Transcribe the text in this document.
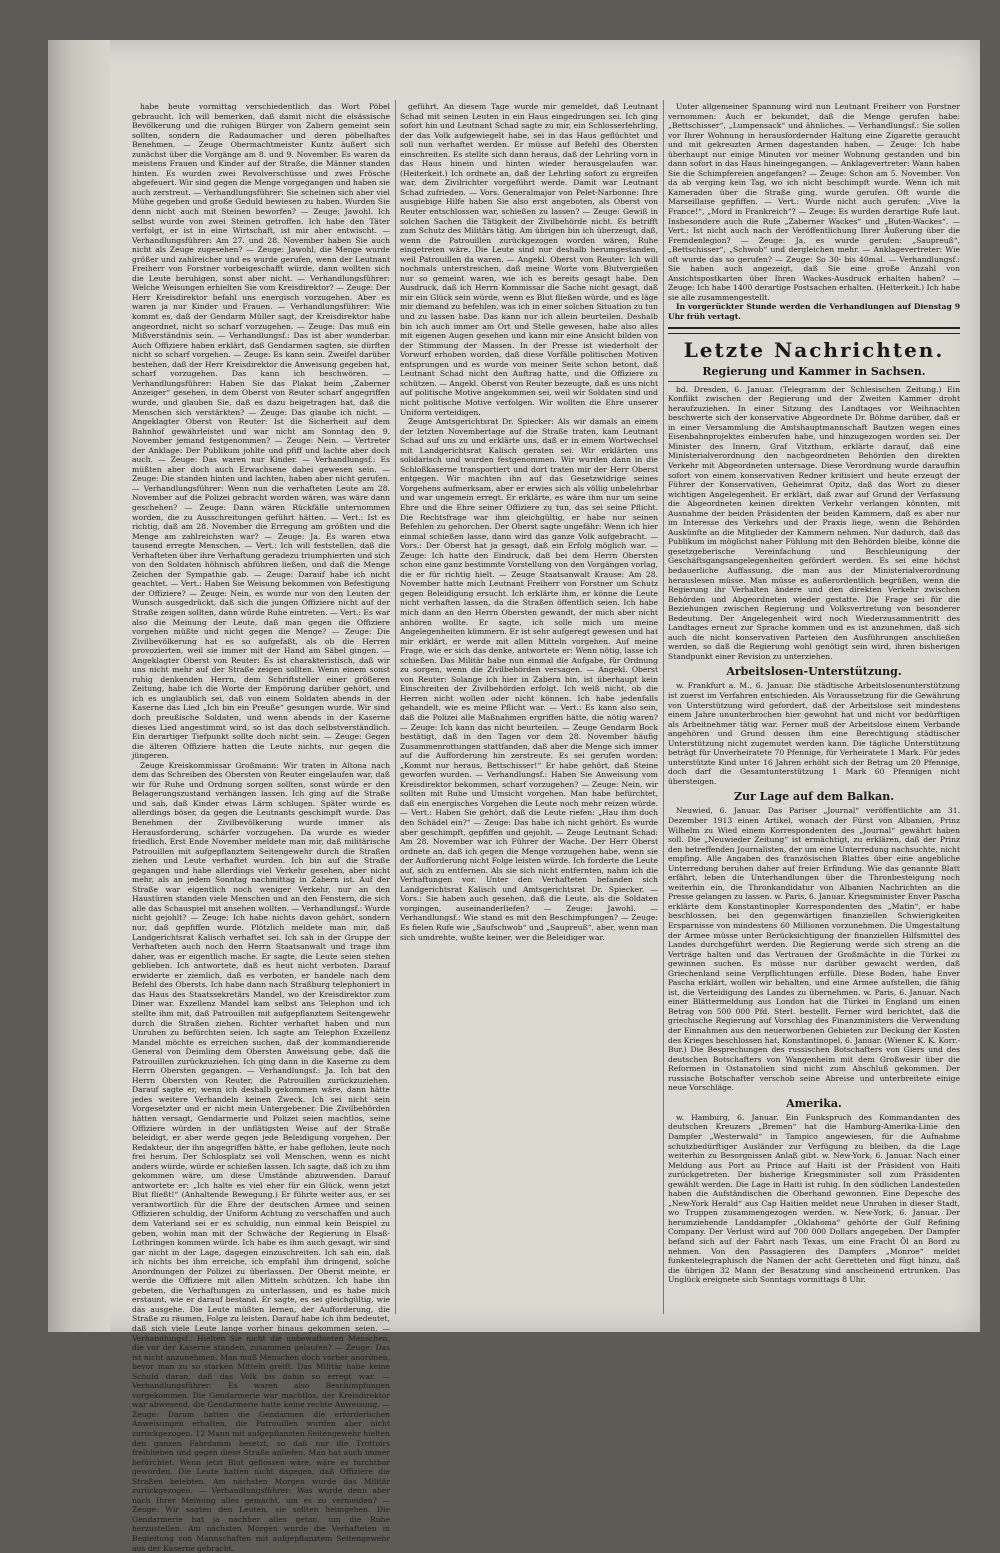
habe heute vormittag verschiedentlich das Wort Pöbel gebraucht. Ich will bemerken, daß damit nicht die elsässische Bevölkerung und die ruhigen Bürger von Zabern gemeint sein sollten, sondern die Radaumacher und deren pöbelhaftes Benehmen. — Zeuge Obermachtmeister Kuntz äußert sich zunächst über die Vorgänge am 8. und 9. November. Es waren da meistens Frauen und Kinder auf der Straße, die Männer standen hinten. Es wurden zwei Revolverschüsse und zwei Frösche abgefeuert. Wir sind gegen die Menge vorgegangen und haben sie auch zerstreut. — Verhandlungsführer: Sie scheinen sich aber viel Mühe gegeben und große Geduld bewiesen zu haben. Wurden Sie denn nicht auch mit Steinen beworfen? — Zeuge: Jawohl. Ich selbst wurde von zwei Steinen getroffen. Ich habe den Täter verfolgt, er ist in eine Wirtschaft, ist mir aber entwischt. — Verhandlungsführer: Am 27. und 28. November haben Sie auch nicht als Zeuge zugesehen? — Zeuge: Jawohl, die Menge wurde größer und zahlreicher und es wurde gerufen, wenn der Leutnant Freiherr von Forstner vorbeigeschafft würde, dann wollten sich die Leute beruhigen, sonst aber nicht. — Verhandlungsführer: Welche Weisungen erhielten Sie vom Kreisdirektor? — Zeuge: Der Herr Kreisdirektor befahl uns energisch vorzugehen. Aber es waren ja nur Kinder und Frauen. — Verhandlungsführer: Wie kommt es, daß der Gendarm Müller sagt, der Kreisdirektor habe angeordnet, nicht so scharf vorzugehen. — Zeuge: Das muß ein Mißverständnis sein. — Verhandlungsf.: Das ist aber wunderbar. Auch Offiziere haben erklärt, daß Gendarmen sagten, sie dürften nicht so scharf vorgehen. — Zeuge: Es kann sein. Zweifel darüber bestehen, daß der Herr Kreisdirektor die Anweisung gegeben hat, scharf vorzugehen. Das kann ich beschwören. — Verhandlungsführer: Haben Sie das Plakat beim „Zaberner Anzeiger“ gesehen, in dem Oberst von Reuter scharf angegriffen wurde, und glauben Sie, daß es dazu beigetragen hat, daß die Menschen sich verstärkten? — Zeuge: Das glaube ich nicht. — Angeklagter Oberst von Reuter: Ist die Sicherheit auf dem Bahnhof gewährleistet und war nicht am Sonntag den 9. November jemand festgenommen? — Zeuge: Nein. — Vertreter der Anklage: Der Publikum johlte und pfiff und lachte aber doch auch. — Zeuge: Das waren nur Kinder. — Verhandlungsf.: Es müßten aber doch auch Erwachsene dabei gewesen sein. — Zeuge: Die standen hinten und lachten, haben aber nicht gerufen. — Verhandlungsführer: Wenn nun die verhafteten Leute am 28. November auf die Polizei gebracht worden wären, was wäre dann geschehen? — Zeuge: Dann wären Rückfälle unternommen worden, die zu Ausschreitungen geführt hätten. — Vert.: Ist es richtig, daß am 28. November die Erregung am größten und die Menge am zahlreichsten war? — Zeuge: Ja. Es waren etwa tausend erregte Menschen. — Vert.: Ich will feststellen, daß die Verhafteten über ihre Verhaftung geradezu triumphierten und sich von den Soldaten höhnisch abführen ließen, und daß die Menge Zeichen der Sympathie gab. — Zeuge: Darauf habe ich nicht geachtet. — Vert.: Haben Sie Weisung bekommen von Befestigung der Offiziere? — Zeuge: Nein, es wurde nur von den Leuten der Wunsch ausgedrückt, daß sich die jungen Offiziere nicht auf der Straße zeigen sollten, dann würde Ruhe eintreten. — Vert.: Es war also die Meinung der Leute, daß man gegen die Offiziere vorgehen müßte und nicht gegen die Menge? — Zeuge: Die Zivilbevölkerung hat es so aufgefaßt, als ob die Herren provozierten, weil sie immer mit der Hand am Säbel gingen. — Angeklagter Oberst von Reuter: Es ist charakteristisch, daß wir uns nicht mehr auf der Straße zeigen sollten. Wenn einem sonst ruhig denkenden Herrn, dem Schriftsteller einer größeren Zeitung, habe ich die Worte der Empörung darüber gehört, und ich es unglaublich sei, daß von einem Soldaten abends in der Kaserne das Lied „Ich bin ein Preuße“ gesungen wurde. Wir sind doch preußische Soldaten, und wenn abends in der Kaserne dieses Lied angestimmt wird, so ist das doch selbstverständlich. Ein derartiger Tiefpunkt sollte doch nicht sein. — Zeuge: Gegen die älteren Offiziere hatten die Leute nichts, nur gegen die jüngeren.

Zeuge Kreiskommissar Großmann: Wir traten in Altona nach dem das Schreiben des Obersten von Reuter eingelaufen war, daß wir für Ruhe und Ordnung sorgen sollten, sonst würde er den Belagerungszustand verhängen lassen. Ich ging auf die Straße und sah, daß Kinder etwas Lärm schlugen. Später wurde es allerdings böser, da gegen die Leutnants geschimpft wurde. Das Benehmen der Zivilbevölkerung wurde immer als Herausforderung, schärfer vorzugehen. Da wurde es wieder friedlich. Erst Ende November meldete man mir, daß militärische Patrouillen mit aufgepflanztem Seitengewehr durch die Straßen ziehen und Leute verhaftet wurden. Ich bin auf die Straße gegangen und habe allerdings viel Verkehr gesehen, aber nicht mehr, als an jedem Sonntag nachmittag in Zabern ist. Auf der Straße war eigentlich noch weniger Verkehr, nur an den Haustüren standen viele Menschen und an den Fenstern, die sich alle das Schauspiel mit ansehen wollten. — Verhandlungsf.: Wurde nicht gejohlt? — Zeuge: Ich habe nichts davon gehört, sondern nur, daß gepfiffen wurde. Plötzlich meldete man mir, daß Landgerichtsrat Kalisch verhaftet sei. Ich sah in der Gruppe der Verhafteten auch noch den Herrn Staatsanwalt und trage ihm daher, was er eigentlich mache. Er sagte, die Leute seien stehen geblieben. Ich antwortete, daß es heut nicht verboten. Darauf erwiderte er ziemlich, daß es verboten, er handele nach dem Befehl des Obersts. Ich habe dann nach Straßburg telephoniert in das Haus des Staatssekretärs Mandel, wo der Kreisdirektor zum Diner war. Exzellenz Mandel kam selbst ans Telephon und ich stellte ihm mit, daß Patrouillen mit aufgepflanztem Seitengewehr durch die Straßen ziehen. Richter verhaftet haben und nun Unruhen zu befürchten seien. Ich sagte am Telephon Exzellenz Mandel möchte es erreichen suchen, daß der kommandierende General von Deimling dem Obersten Anweisung gebe, daß die Patrouillen zurückzuziehen. Ich ging dann in die Kaserne zu dem Herrn Obersten gegangen. — Verhandlungsf.: Ja. Ich bat den Herrn Obersten von Reuter, die Patrouillen zurückzuziehen. Darauf sagte er, wenn ich deshalb gekommen wäre, dann hätte jedes weitere Verhandeln keinen Zweck. Ich sei nicht sein Vorgesetzter und er nicht mein Untergebener. Die Zivilbehörden hätten versagt, Gendarmerie und Polizei seien machtlos, seine Offiziere würden in der unflätigsten Weise auf der Straße beleidigt, er aber werde gegen jede Beleidigung vorgehen. Der Redakteur, der ihn angegriffen hätte, er habe geflohen, leute noch frei herum. Der Schlosplatz sei voll Menschen, wenn es nicht anders würde, würde er schießen lassen. Ich sagte, daß ich zu ihm gekommen wäre, um diese Umstände abzuwenden. Darauf antwortete er: „Ich halte es viel eher für ein Glück, wenn jetzt Blut fließt!“ (Anhaltende Bewegung.) Er führte weiter aus, er sei verantwortlich für die Ehre der deutschen Armee und seinen Offizieren schuldig, der Uniform Achtung zu verschaffen und auch dem Vaterland sei er es schuldig, nun einmal kein Beispiel zu geben, wohin man mit der Schwäche der Regierung in Elsaß-Lothringen kommen würde. Ich habe es ihm auch gesagt, wir sind gar nicht in der Lage, dagegen einzuschreiten. Ich sah ein, daß ich nichts bei ihm erreiche, ich empfahl ihm dringend, solche Anordnungen der Polizei zu überlassen. Der Oberst meinte, er werde die Offiziere mit allen Mitteln schützen. Ich habe ihn gebeten, die Verhaftungen zu unterlassen, und es habe mich erstaunt, wie er darauf bestand. Er sagte, es sei gleichgültig, wie das ausgehe. Die Leute müßten lernen, der Aufforderung, die Straße zu räumen, Folge zu leisten. Darauf habe ich ihm bedeutet, daß sich viele Leute lange vorher hinaus gekommen seien. — Verhandlungsf.: Hielten Sie nicht die unbewaffneten Menschen, die vor der Kaserne standen, zusammen gelaufen? — Zeuge: Das ist nicht anzunehmen. Man muß Menschen doch vorher anordnen, bevor man zu so starken Mitteln greift. Das Militär habe keine Schuld daran, daß das Volk bis dahin so erregt war. — Verhandlungsführer: Es waren also Beschimpfungen vorgekommen. Die Gendarmerie war machtlos, der Kreisdirektor war abwesend, die Gendarmerie hatte keine rechte Anweisung. — Zeuge: Darum hatten die Gendarmen die erforderlichen Anweisungen erhalten, die Patrouillen wurden aber nicht zurückgezogen. 12 Mann mit aufgepflanzten Seitengewehr hielten den ganzen Fahrdamm besetzt, so daß nur die Trottoirs freiblieben und gegen diese Straße anliefen. Man hat auch immer befürchtet. Wenn jetzt Blut geflossen wäre, wäre es furchtbar geworden. Die Leute hatten nicht dagegen, daß Offiziere die Straßen belebten. Am nächsten Morgen wurde das Militär zurückgezogen. — Verhandlungsführer: Was wurde denn aber nach Ihrer Meinung alles gemacht, um es zu vermeiden? — Zeuge: Wir sagten den Leuten, sie sollten heimgehen. Die Gendarmerie hat ja nachher alles getan, um die Ruhe herzustellen. Am nächsten Morgen wurde die Verhafteten in Begleitung von Mannschaften mit aufgepflanztem Seitengewehr aus der Kaserne gebracht.

geführt. An diesem Tage wurde mir gemeldet, daß Leutnant Schad mit seinen Leuten in ein Haus eingedrungen sei. Ich ging sofort hin und Leutnant Schad sagte zu mir, ein Schlosserlehrling, der das Volk aufgewiegelt habe, sei in das Haus geflüchtet und soll nun verhaftet werden. Er müsse auf Befehl des Obersten einschreiten. Es stellte sich dann heraus, daß der Lehrling vorn in das Haus hinein und hinten wieder herausgelaufen war. (Heiterkeit.) Ich ordnete an, daß der Lehrling sofort zu ergreifen war, dem Zivilrichter vorgeführt werde. Damit war Leutnant Schad zufrieden. — Vors. Generalmajor von Pelet-Narbonne: Ihre ausgiebige Hilfe haben Sie also erst angeboten, als Oberst von Reuter entschlossen war, schießen zu lassen? — Zeuge: Gewiß in solchen Sachen die Tätigkeit der Zivilbehörde nicht. Es betrifft zum Schutz des Militärs tätig. Am übrigen bin ich überzeugt, daß, wenn die Patrouillen zurückgezogen worden wären, Ruhe eingetreten wäre. Die Leute sind nur deshalb herumgestanden, weil Patrouillen da waren. — Angekl. Oberst von Reuter: Ich will nochmals unterstreichen, daß meine Worte vom Blutvergießen nur so gemeint waren, wie ich es bereits gesagt habe. Den Ausdruck, daß ich Herrn Kommissar die Sache nicht gesagt, daß mir ein Glück sein würde, wenn es Blut fließen würde, und es läge mir diemand zu befehlen, was ich in einer solchen Situation zu tun und zu lassen habe. Das kann nur ich allein beurteilen. Deshalb bin ich auch immer am Ort und Stelle gewesen, habe also alles mit eigenen Augen gesehen und kann mir eine Ansicht bilden von der Stimmung der Massen. In der Presse ist wiederholt der Vorwurf erhoben worden, daß diese Vorfälle politischen Motiven entsprungen und es wurde von meiner Seite schon betont, daß Leutnant Schad nicht den Auftrag hatte, und die Offiziere zu schützen. — Angekl. Oberst von Reuter bezeugte, daß es uns nicht auf politische Motive angekommen sei, weil wir Soldaten sind und nicht politische Motive verfolgen. Wir wollten die Ehre unserer Uniform verteidigen.

Zeuge Amtsgerichtsrat Dr. Spiecker: Als wir damals an einem der letzten Novembertage auf die Straße traten, kam Leutnant Schad auf uns zu und erklärte uns, daß er in einem Wortwechsel mit Landgerichtsrat Kalisch geraten sei. Wir erklärten uns solidarisch und wurden festgenommen. Wir wurden dann in die Schloßkaserne transportiert und dort traten mir der Herr Oberst entgegen. Wir machten ihn auf das Gesetzwidrige seines Vorgehens aufmerksam, aber er erwies sich als völlig unbelehrbar und war ungemein erregt. Er erklärte, es wäre ihm nur um seine Ehre und die Ehre seiner Offiziere zu tun, das sei seine Pflicht. Die Rechtsfrage war ihm gleichgültig, er habe nur seinen Befehlen zu gehorchen. Der Oberst sagte ungefähr: Wenn ich hier einmal schießen lasse, dann wird das ganze Volk aufgebracht. — Vors.: Der Oberst hat ja gesagt, daß ein Erfolg möglich war. — Zeuge: Ich hatte den Eindruck, daß bei dem Herrn Obersten schon eine ganz bestimmte Vorstellung von den Vorgängen vorlag, die er für richtig hielt. — Zeuge Staatsanwalt Krause: Am 28. November hatte mich Leutnant Freiherr von Forstner um Schutz gegen Beleidigung ersucht. Ich erklärte ihm, er könne die Leute nicht verhaften lassen, da die Straßen öffentlich seien. Ich habe mich dann an den Herrn Obersten gewandt, der mich aber nicht anhören wollte. Er sagte, ich solle mich um meine Angelegenheiten kümmern. Er ist sehr aufgeregt gewesen und hat mir erklärt, er werde mit allen Mitteln vorgehen. Auf meine Frage, wie er sich das denke, antwortete er: Wenn nötig, lasse ich schießen. Das Militär habe nun einmal die Aufgabe, für Ordnung zu sorgen, wenn die Zivilbehörden versagen. — Angekl. Oberst von Reuter: Solange ich hier in Zabern bin, ist überhaupt kein Einschreiten der Zivilbehörden erfolgt. Ich weiß nicht, ob die Herren nicht wollen oder nicht können. Ich habe jedenfalls gehandelt, wie es meine Pflicht war. — Vert.: Es kann also sein, daß die Polizei alle Maßnahmen ergriffen hätte, die nötig waren? — Zeuge: Ich kann das nicht beurteilen. — Zeuge Gendarm Bock bestätigt, daß in den Tagen vor dem 28. November häufig Zusammenrottungen stattfanden, daß aber die Menge sich immer auf die Aufforderung hin zerstreute. Es sei gerufen worden: „Kommt nur heraus, Bettschisser!“ Er habe gehört, daß Steine geworfen wurden. — Verhandlungsf.: Haben Sie Anweisung vom Kreisdirektor bekommen, scharf vorzugehen? — Zeuge: Nein, wir sollten mit Ruhe und Umsicht vorgehen. Man habe befürchtet, daß ein energisches Vorgehen die Leute noch mehr reizen würde. — Vert.: Haben Sie gehört, daß die Leute riefen: „Hau ihm doch den Schädel ein?“ — Zeuge: Das habe ich nicht gehört. Es wurde aber geschimpft, gepfiffen und gejohlt. — Zeuge Leutnant Schad: Am 28. November war ich Führer der Wache. Der Herr Oberst ordnete an, daß ich gegen die Menge vorzugehen habe, wenn sie der Aufforderung nicht Folge leisten würde. Ich forderte die Leute auf, sich zu entfernen. Als sie sich nicht entfernten, nahm ich die Verhaftungen vor. Unter den Verhafteten befanden sich Landgerichtsrat Kalisch und Amtsgerichtsrat Dr. Spiecker. — Vors.: Sie haben auch gesehen, daß die Leute, als die Soldaten vorgingen, auseinanderliefen? — Zeuge: Jawohl. — Verhandlungsf.: Wie stand es mit den Beschimpfungen? — Zeuge: Es fielen Rufe wie „Saufschwob“ und „Saupreuß“, aber, wenn man sich umdrehte, wußte keiner, wer die Beleidiger war.

Unter allgemeiner Spannung wird nun Leutnant Freiherr von Forstner vernommen: Auch er bekundet, daß die Menge gerufen habe: „Bettschisser“, „Lumpensack“ und ähnliches. — Verhandlungsf.: Sie sollen vor Ihrer Wohnung in herausfordernder Haltung eine Zigarette geraucht und mit gekreuzten Armen dagestanden haben. — Zeuge: Ich habe überhaupt nur einige Minuten vor meiner Wohnung gestanden und bin dann sofort in das Haus hineingegangen. — Anklagevertreter: Wann haben Sie die Schimpfereien angefangen? — Zeuge: Schon am 5. November. Von da ab verging kein Tag, wo ich nicht beschimpft wurde. Wenn ich mit Kameraden über die Straße ging, wurde gerufen. Oft wurde die Marseillaise gepfiffen. — Vert.: Wurde nicht auch gerufen: „Vive la France!“, „Mord in Frankreich“? — Zeuge: Es wurden derartige Rufe laut. Insbesondere auch die Rufe „Zaberner Wackes“ und „Buten-Wackes“. — Vert.: Ist nicht auch nach der Veröffentlichung Ihrer Äußerung über die Fremdenlegion? — Zeuge: Ja, es wurde gerufen: „Saupreuß“, „Bettschisser“, „Schwob“ und dergleichen mehr. — Anklagevertreter: Wie oft wurde das so gerufen? — Zeuge: So 30- bis 40mal. — Verhandlungsf.: Sie haben auch angezeigt, daß Sie eine große Anzahl von Ansichtspostkarten über Ihren Wackes-Ausdruck erhalten haben? — Zeuge: Ich habe 1400 derartige Postsachen erhalten. (Heiterkeit.) Ich habe sie alle zusammengestellt.

In vorgerückter Stunde werden die Verhandlungen auf Dienstag 9 Uhr früh vertagt.

Letzte Nachrichten.
Regierung und Kammer in Sachsen.

bd. Dresden, 6. Januar. (Telegramm der Schlesischen Zeitung.) Ein Konflikt zwischen der Regierung und der Zweiten Kammer droht heraufzuziehen. In einer Sitzung des Landtages vor Weihnachten beschwerte sich der konservative Abgeordnete Dr. Böhme darüber, daß er in einer Versammlung die Amtshauptmannschaft Bautzen wegen eines Eisenbahnprojektes einberufen habe, und hinzugezogen worden sei. Der Minister des Innern, Graf Vitzthum, erklärte darauf, daß eine Ministerialverordnung den nachgeordneten Behörden den direkten Verkehr mit Abgeordneten untersage. Diese Verordnung wurde daraufhin sofort von einem konservativen Redner kritisiert und heute erzeugt der Führer der Konservativen, Geheimrat Opitz, daß das Wort zu dieser wichtigen Angelegenheit. Er erklärt, daß zwar auf Grund der Verfassung die Abgeordneten keinen direkten Verkehr verlangen könnten, mit Ausnahme der beiden Präsidenten der beiden Kammern, daß es aber nur im Interesse des Verkehrs und der Praxis liege, wenn die Behörden Auskünfte an die Mitglieder der Kammern nehmen. Nur dadurch, daß das Publikum im möglichst naher Fühlung mit den Behörden bleibe, könne die gesetzgeberische Vereinfachung und Beschleunigung der Geschäftsgangsangelegenheiten gefördert werden. Es sei eine höchst bedauerliche Auffassung, die man aus der Ministerialverordnung herauslesen müsse. Man müsse es außerordentlich begrüßen, wenn die Regierung ihr Verhalten ändere und den direkten Verkehr zwischen Behörden und Abgeordneten wieder gestatte. Die Frage sei für die Beziehungen zwischen Regierung und Volksvertretung von besonderer Bedeutung. Der Angelegenheit wird noch Wiederzusammentritt des Landtages erneut zur Sprache kommen und es ist anzunehmen, daß sich auch die nicht konservativen Parteien den Ausführungen anschließen werden, so daß die Regierung wohl genötigt sein wird, ihren bisherigen Standpunkt einer Revision zu unterziehen.

Arbeitslosen-Unterstützung.

w. Frankfurt a. M., 6. Januar. Die städtische Arbeitslosenunterstützung ist zuerst im Verfahren entschieden. Als Voraussetzung für die Gewährung von Unterstützung wird gefordert, daß der Arbeitslose seit mindestens einem Jahre ununterbrochen hier gewohnt hat und nicht vor bedürftigen als Arbeitnehmer tätig war. Ferner muß der Arbeitslose einem Verbande angehören und Grund dessen ihm eine Berechtigung städtischer Unterstützung nicht zugemutet werden kann. Die tägliche Unterstützung beträgt für Unverheiratete 70 Pfennige, für Verheiratete 1 Mark. Für jedes unterstützte Kind unter 16 Jahren erhöht sich der Betrag um 20 Pfennige, doch darf die Gesamtunterstützung 1 Mark 60 Pfennigen nicht übersteigen.

Zur Lage auf dem Balkan.

Neuwied, 6. Januar. Das Pariser „Journal“ veröffentlichte am 31. Dezember 1913 einen Artikel, wonach der Fürst von Albanien, Prinz Wilhelm zu Wied einem Korrespondenten des „Journal“ gewährt haben soll. Die „Neuwieder Zeitung“ ist ermächtigt, zu erklären, daß der Prinz den betreffenden Journalisten, der um eine Unterredung nachsuchte, nicht empfing. Alle Angaben des französischen Blattes über eine angebliche Unterredung beruhen daher auf freier Erfindung. Wie das genannte Blatt erfährt, leben die Unterhandlungen über die Thronbesteigung noch weiterhin ein, die Thronkandidatur von Albanien Nachrichten an die Presse gelangen zu lassen. w. Paris, 6. Januar. Kriegsminister Enver Pascha erklärte dem Konstantinopler Korrespondenten des „Matin“, er habe beschlossen, bei den gegenwärtigen finanziellen Schwierigkeiten Ersparnisse von mindestens 60 Millionen vorzunehmen. Die Umgestaltung der Armee müsse unter Berücksichtigung der finanziellen Hilfsmittel des Landes durchgeführt werden. Die Regierung werde sich streng an die Verträge halten und das Vertrauen der Großmächte in die Türkei zu gewinnen suchen. Es müsse nur darüber gewacht werden, daß Griechenland seine Verpflichtungen erfülle. Diese Boden, habe Enver Pascha erklärt, wollen wir behalten, und eine Armee aufstellen, die fähig ist, die Verteidigung des Landes zu übernehmen. w. Paris, 6. Januar. Nach einer Blättermeldung aus London hat die Türkei in England um einen Betrag von 500 000 Pfd. Sterl. bestellt. Ferner wird berichtet, daß die griechische Regierung auf Vorschlag des Finanzministers die Verwendung der Einnahmen aus den neuerworbenen Gebieten zur Deckung der Kosten des Krieges beschlossen hat. Konstantinopel, 6. Januar. (Wiener K. K. Korr.-Bur.) Die Besprechungen des russischen Botschafters von Giers und des deutschen Botschafters von Wangenheim mit dem Großwesir über die Reformen in Ostanatolien sind nicht zum Abschluß gekommen. Der russische Botschafter verschob seine Abreise und unterbreitete einige neue Vorschläge.

Amerika.

w. Hamburg, 6. Januar. Ein Funkspruch des Kommandanten des deutschen Kreuzers „Bremen“ hat die Hamburg-Amerika-Linie den Dampfer „Westerwald“ in Tampico angewiesen, für die Aufnahme schutzbedürftiger Ausländer zur Verfügung zu bleiben, da die Lage weiterhin zu Besorgnissen Anlaß gibt. w. New-York, 6. Januar. Nach einer Meldung aus Port au Prince auf Haiti ist der Präsident von Haiti zurückgetreten. Der bisherige Kriegsminister soll zum Präsidenten gewählt werden. Die Lage in Haiti ist ruhig. In den südlichen Landesteilen haben die Aufständischen die Oberhand gewonnen. Eine Depesche des „New-York Herald“ aus Cap Haitien meldet neue Unruhen in dieser Stadt, wo Truppen zusammengezogen werden. w. New-York, 6. Januar. Der herumziehende Landdampfer „Oklahoma“ gehörte der Gulf Refining Company. Der Verlust wird auf 700 000 Dollars angegeben. Der Dampfer befand sich auf der Fahrt nach Texas, um eine Fracht Öl an Bord zu nehmen. Von den Passagieren des Dampfers „Monroe“ meldet funkentelegraphisch die Namen der acht Geretteten und fügt hinzu, daß die übrigen 32 Mann der Besatzung sind anscheinend ertrunken. Das Unglück ereignete sich Sonntags vormittags 8 Uhr.
